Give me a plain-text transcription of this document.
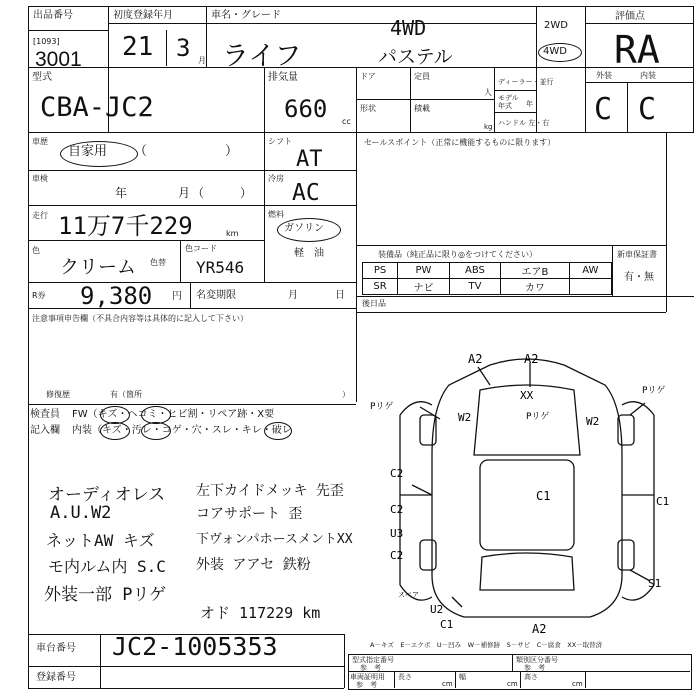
出品番号
[1093]
3001
初度登録年月
21 3 月
車名・グレード
ライフ
4WD
パステル
2WD
4WD
評価点
RA
型式
CBA-JC2
排気量
660 cc
ドア	定員
人
形状	積載
kg
ディーラー・並行
モデル
年式 年
ハンドル 左・右
外装	内装
C C
車歴
自家用 （　　　　　　）
シフト
AT
車検
年	月 （　　　）
冷房
AC
走行 11万7千229	km
燃料
ガソリン
軽　油
色
クリーム 色替
色コード
YR546
R券 9,380 円 名変期限	月	日
注意事項申告欄（不具合内容等は具体的に記入して下さい）
修復歴	有（箇所	）
セールスポイント（正常に機能するものに限ります）
装備品（純正品に限り◎をつけてください）	新車保証書
有・無
PS	PW	ABS	エアB	AW
SR	ナビ	TV	カワ	
後日品
検査員
記入欄
FW（キズ・ヘコミ・ヒビ割・リペア跡・X要
内装（キズ・汚レ・コゲ・穴・スレ・キレ・破レ
オーディオレス
A.U.W2
ネットAW キズ
モ内ルム内 S.C
外装一部 Pリゲ
左下カイドメッキ 先歪
コアサポート 歪
下ヴォンパホースメントXX
外装 アアセ 鉄粉
オド 117229 km
A2	A2
XX
Pリゲ
Pリゲ
Pリゲ
W2	W2
C2
C2
U3
C2
C1	C1
S1
スペア
U2
C1	A2
A－キズ　E－エクボ　U－凹み　W－補修跡　S－サビ　C－腐食　XX－取替済
車台番号 JC2-1005353
登録番号
型式指定番号
参　考
類別区分番号
参　考
車両証明用
参　考
長さ
cm
幅
cm
高さ
cm
